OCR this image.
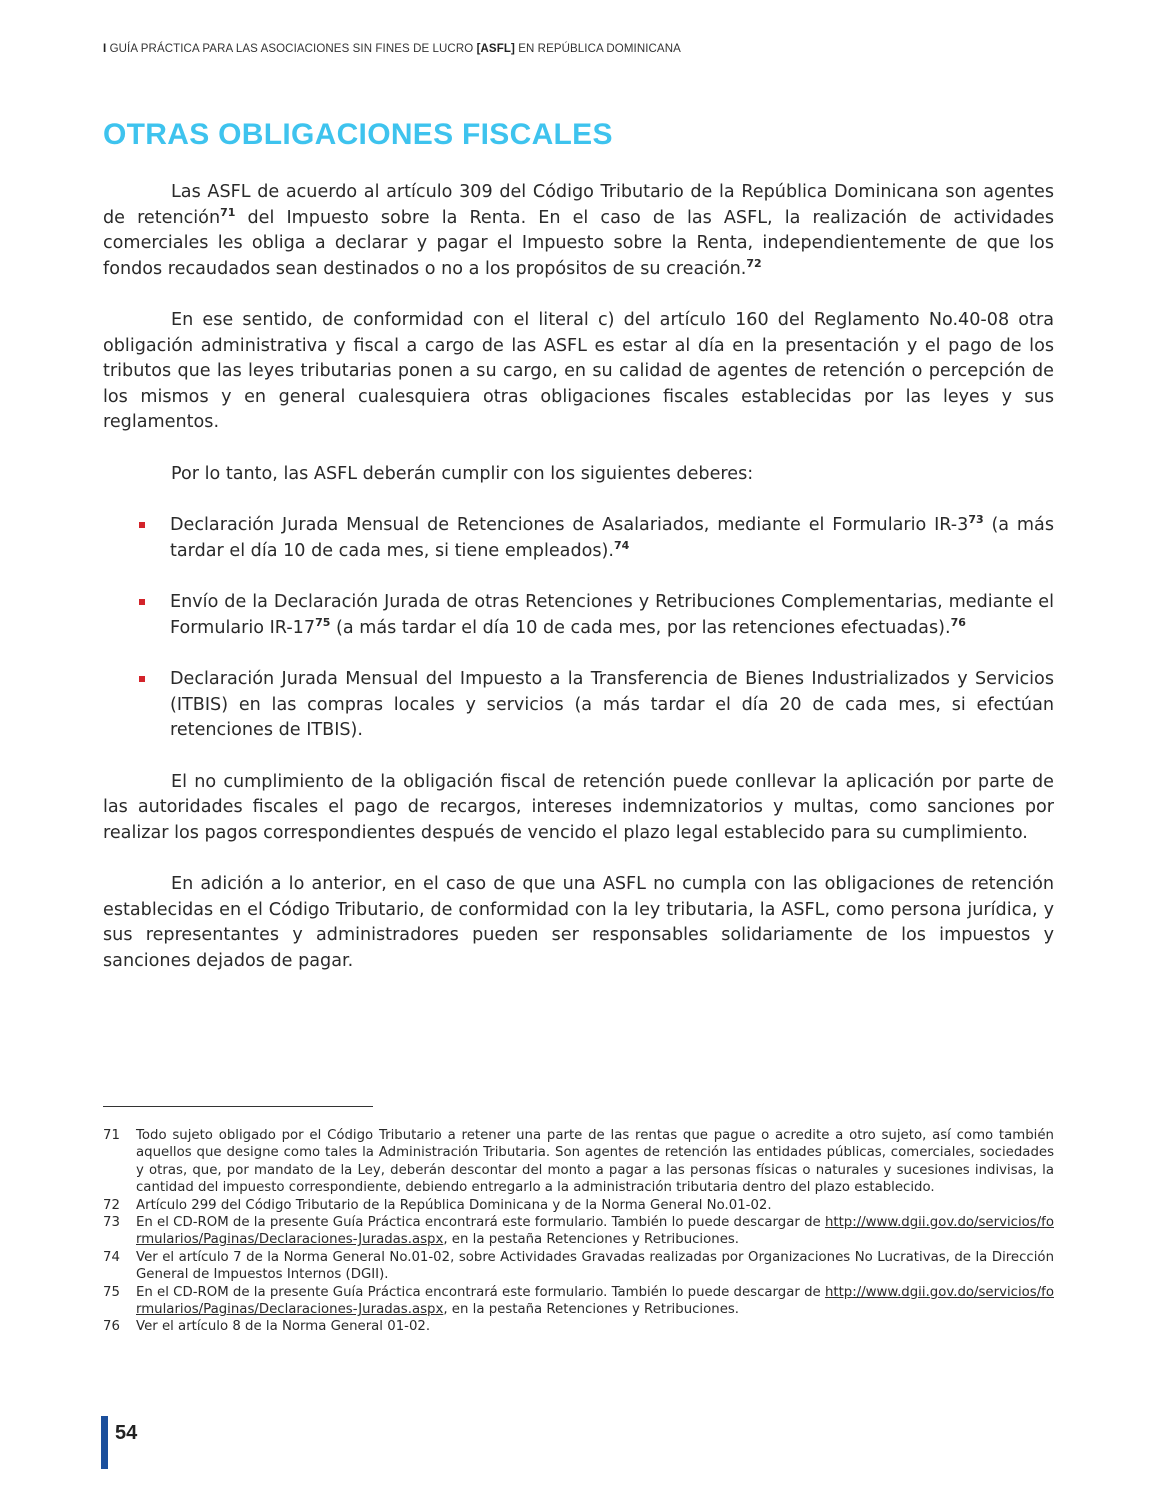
I GUÍA PRÁCTICA PARA LAS ASOCIACIONES SIN FINES DE LUCRO [ASFL] EN REPÚBLICA DOMINICANA
OTRAS OBLIGACIONES FISCALES

Las ASFL de acuerdo al artículo 309 del Código Tributario de la República Dominicana son agentes de retención$^{71}$ del Impuesto sobre la Renta. En el caso de las ASFL, la realización de actividades comerciales les obliga a declarar y pagar el Impuesto sobre la Renta, independientemente de que los fondos recaudados sean destinados o no a los propósitos de su creación.$^{72}$

En ese sentido, de conformidad con el literal c) del artículo 160 del Reglamento No.40-08 otra obligación administrativa y fiscal a cargo de las ASFL es estar al día en la presentación y el pago de los tributos que las leyes tributarias ponen a su cargo, en su calidad de agentes de retención o percepción de los mismos y en general cualesquiera otras obligaciones fiscales establecidas por las leyes y sus reglamentos.

Por lo tanto, las ASFL deberán cumplir con los siguientes deberes:

Declaración Jurada Mensual de Retenciones de Asalariados, mediante el Formulario $IR-3^{73}$ (a más tardar el día 10 de cada mes, si tiene empleados).$^{74}$
Envío de la Declaración Jurada de otras Retenciones y Retribuciones Complementarias, mediante el Formulario $IR-17^{75}$ (a más tardar el día 10 de cada mes, por las retenciones efectuadas).$^{76}$
Declaración Jurada Mensual del Impuesto a la Transferencia de Bienes Industrializados y Servicios (ITBIS) en las compras locales y servicios (a más tardar el día 20 de cada mes, si efectúan retenciones de ITBIS).

El no cumplimiento de la obligación fiscal de retención puede conllevar la aplicación por parte de las autoridades fiscales el pago de recargos, intereses indemnizatorios y multas, como sanciones por realizar los pagos correspondientes después de vencido el plazo legal establecido para su cumplimiento.

En adición a lo anterior, en el caso de que una ASFL no cumpla con las obligaciones de retención establecidas en el Código Tributario, de conformidad con la ley tributaria, la ASFL, como persona jurídica, y sus representantes y administradores pueden ser responsables solidariamente de los impuestos y sanciones dejados de pagar.

71 Todo sujeto obligado por el Código Tributario a retener una parte de las rentas que pague o acredite a otro sujeto, así como también aquellos que designe como tales la Administración Tributaria. Son agentes de retención las entidades públicas, comerciales, sociedades y otras, que, por mandato de la Ley, deberán descontar del monto a pagar a las personas físicas o naturales y sucesiones indivisas, la cantidad del impuesto correspondiente, debiendo entregarlo a la administración tributaria dentro del plazo establecido.
72 Artículo 299 del Código Tributario de la República Dominicana y de la Norma General No.01-02.
73 En el CD-ROM de la presente Guía Práctica encontrará este formulario. También lo puede descargar de http://www.dgii.gov.do/servicios/formularios/Paginas/Declaraciones-Juradas.aspx, en la pestaña Retenciones y Retribuciones.
74 Ver el artículo 7 de la Norma General No.01-02, sobre Actividades Gravadas realizadas por Organizaciones No Lucrativas, de la Dirección General de Impuestos Internos (DGII).
75 En el CD-ROM de la presente Guía Práctica encontrará este formulario. También lo puede descargar de http://www.dgii.gov.do/servicios/formularios/Paginas/Declaraciones-Juradas.aspx, en la pestaña Retenciones y Retribuciones.
76 Ver el artículo 8 de la Norma General 01-02.
54
